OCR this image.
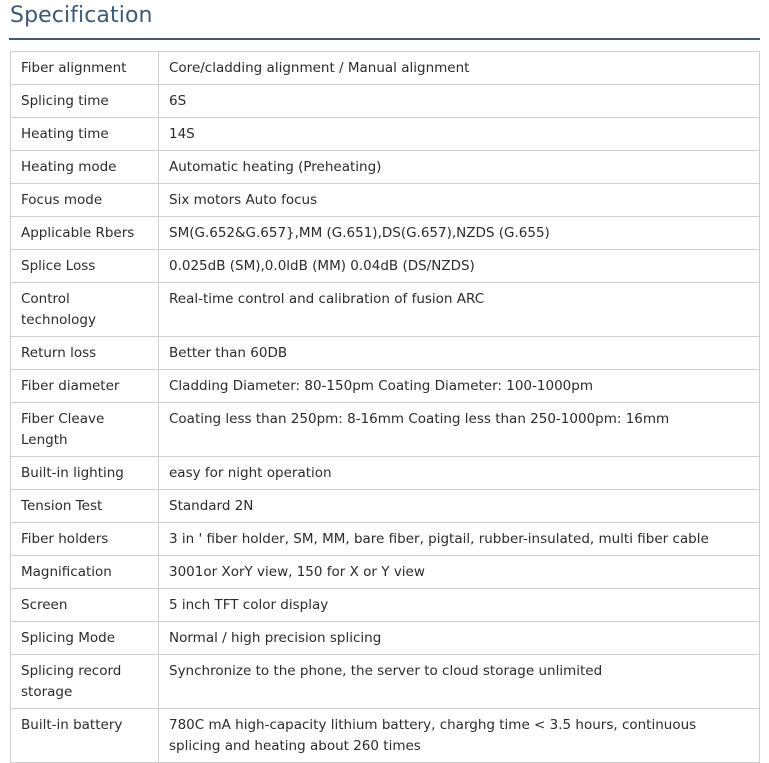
Specification
Fiber alignment	Core/cladding alignment / Manual alignment
Splicing time	6S
Heating time	14S
Heating mode	Automatic heating (Preheating)
Focus mode	Six motors Auto focus
Applicable Rbers	SM(G.652&G.657},MM (G.651),DS(G.657),NZDS (G.655)
Splice Loss	0.025dB (SM),0.0ldB (MM) 0.04dB (DS/NZDS)
Control technology	Real-time control and calibration of fusion ARC
Return loss	Better than 60DB
Fiber diameter	Cladding Diameter: 80-150pm Coating Diameter: 100-1000pm
Fiber Cleave Length	Coating less than 250pm: 8-16mm Coating less than 250-1000pm: 16mm
Built-in lighting	easy for night operation
Tension Test	Standard 2N
Fiber holders	3 in ' fiber holder, SM, MM, bare fiber, pigtail, rubber-insulated, multi fiber cable
Magnification	3001or XorY view, 150 for X or Y view
Screen	5 inch TFT color display
Splicing Mode	Normal / high precision splicing
Splicing record storage	Synchronize to the phone, the server to cloud storage unlimited
Built-in battery	780C mA high-capacity lithium battery, charghg time < 3.5 hours, continuous splicing and heating about 260 times
